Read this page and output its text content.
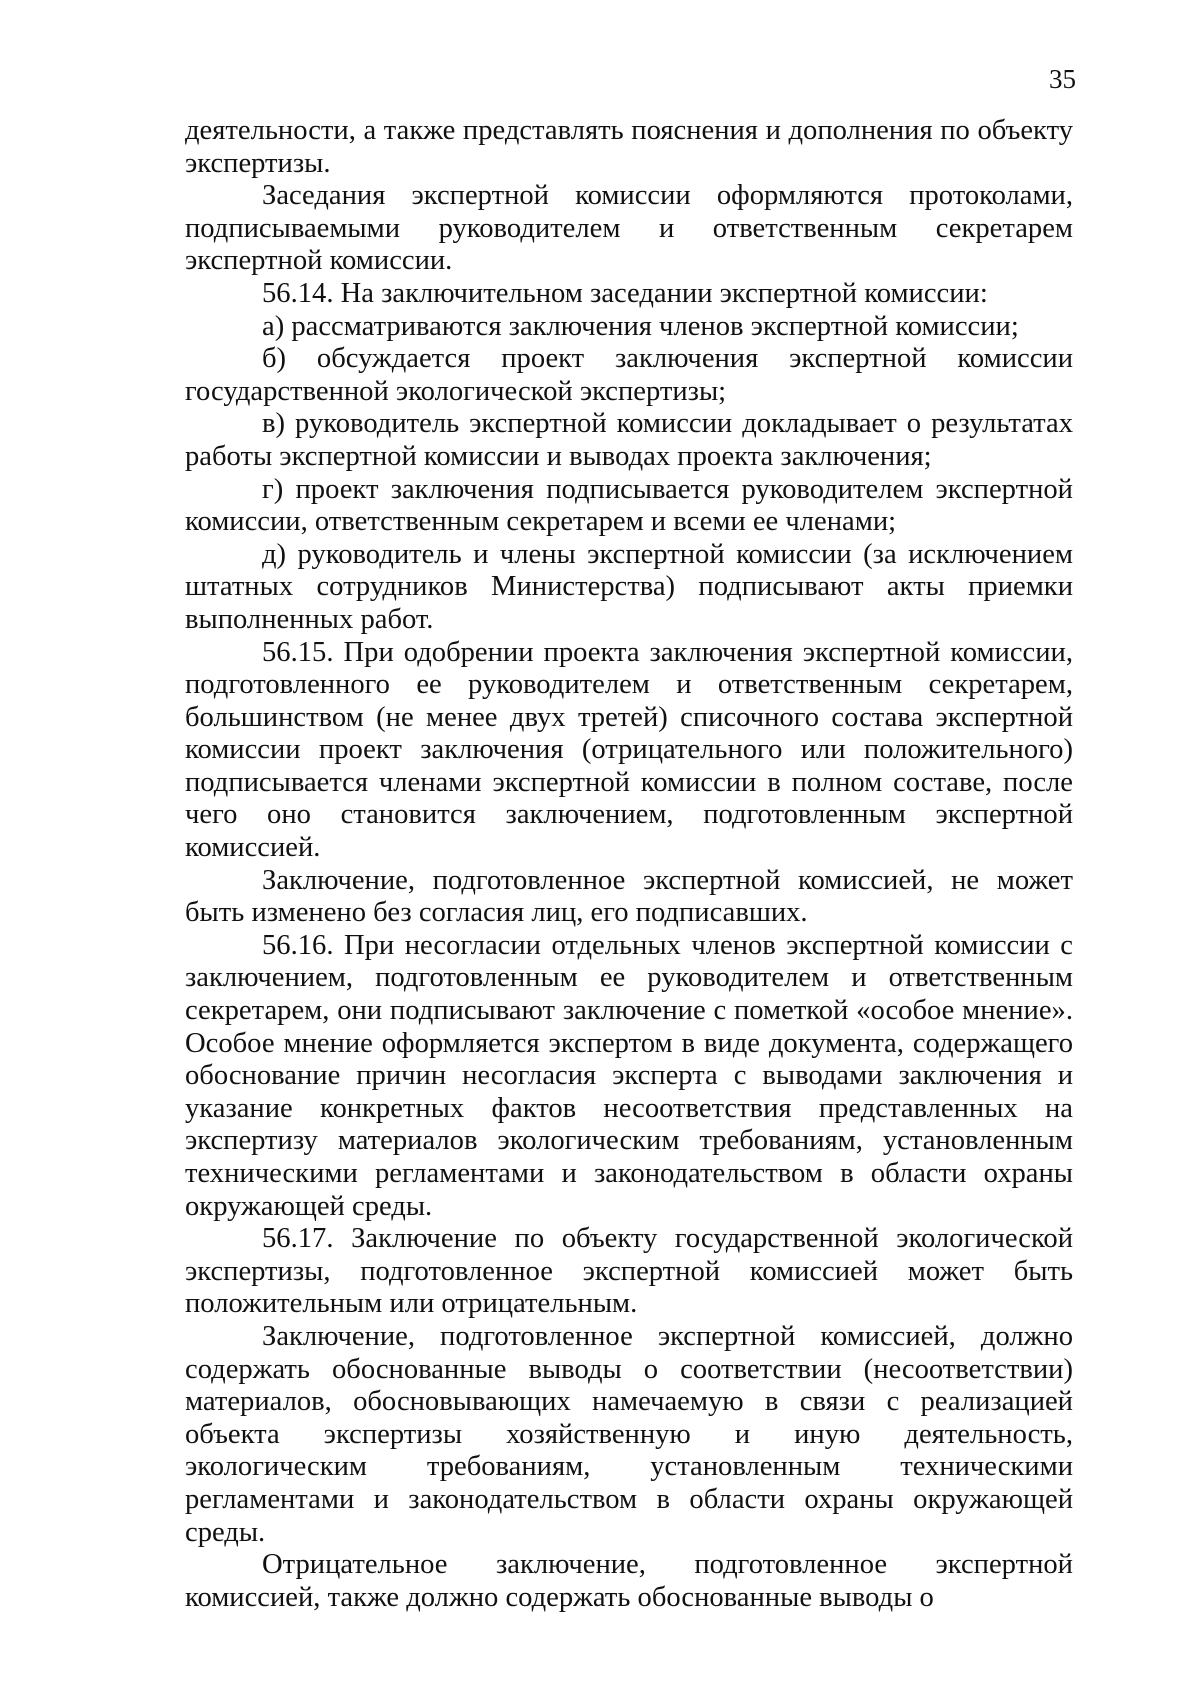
35

деятельности, а также представлять пояснения и дополнения по объекту экспертизы.

Заседания экспертной комиссии оформляются протоколами, подписываемыми руководителем и ответственным секретарем экспертной комиссии.

56.14. На заключительном заседании экспертной комиссии:

а) рассматриваются заключения членов экспертной комиссии;

б) обсуждается проект заключения экспертной комиссии государственной экологической экспертизы;

в) руководитель экспертной комиссии докладывает о результатах работы экспертной комиссии и выводах проекта заключения;

г) проект заключения подписывается руководителем экспертной комиссии, ответственным секретарем и всеми ее членами;

д) руководитель и члены экспертной комиссии (за исключением штатных сотрудников Министерства) подписывают акты приемки выполненных работ.

56.15. При одобрении проекта заключения экспертной комиссии, подготовленного ее руководителем и ответственным секретарем, большинством (не менее двух третей) списочного состава экспертной комиссии проект заключения (отрицательного или положительного) подписывается членами экспертной комиссии в полном составе, после чего оно становится заключением, подготовленным экспертной комиссией.

Заключение, подготовленное экспертной комиссией, не может быть изменено без согласия лиц, его подписавших.

56.16. При несогласии отдельных членов экспертной комиссии с заключением, подготовленным ее руководителем и ответственным секретарем, они подписывают заключение с пометкой «особое мнение». Особое мнение оформляется экспертом в виде документа, содержащего обоснование причин несогласия эксперта с выводами заключения и указание конкретных фактов несоответствия представленных на экспертизу материалов экологическим требованиям, установленным техническими регламентами и законодательством в области охраны окружающей среды.

56.17. Заключение по объекту государственной экологической экспертизы, подготовленное экспертной комиссией может быть положительным или отрицательным.

Заключение, подготовленное экспертной комиссией, должно содержать обоснованные выводы о соответствии (несоответствии) материалов, обосновывающих намечаемую в связи с реализацией объекта экспертизы хозяйственную и иную деятельность, экологическим требованиям, установленным техническими регламентами и законодательством в области охраны окружающей среды.

Отрицательное заключение, подготовленное экспертной комиссией, также должно содержать обоснованные выводы о
